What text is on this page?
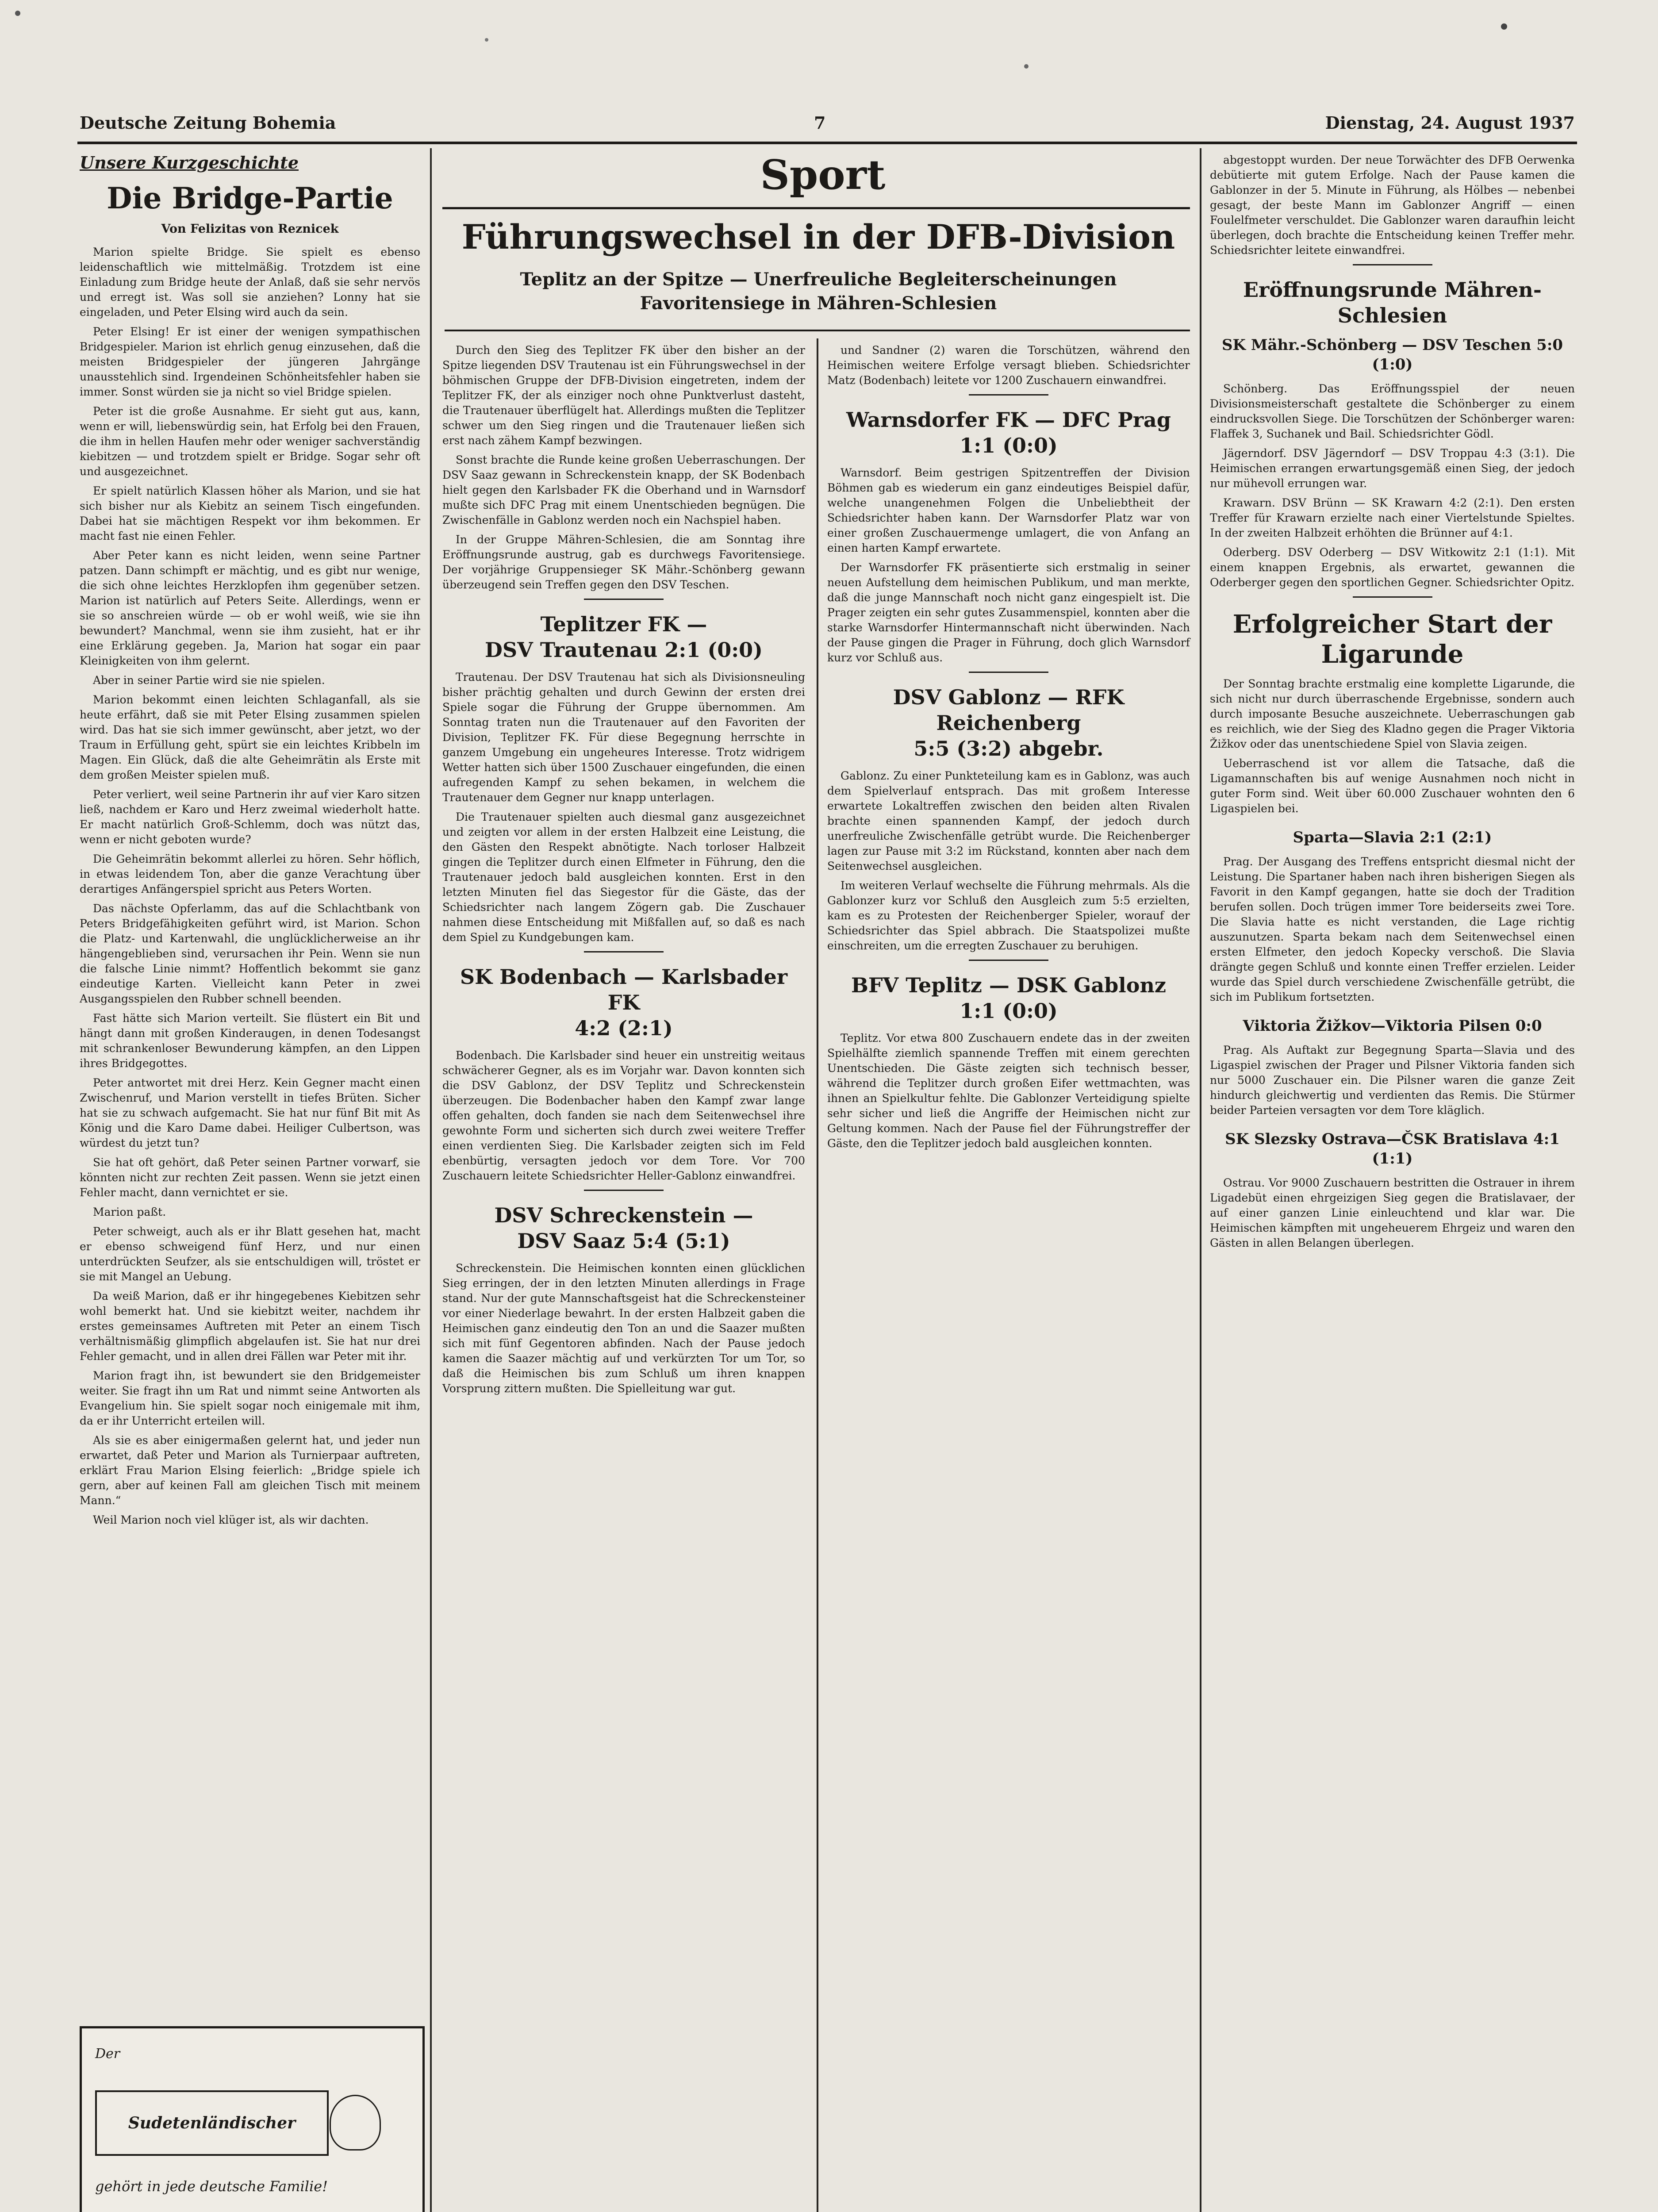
Deutsche Zeitung Bohemia	7	Dienstag, 24. August 1937
Unsere Kurzgeschichte
Die Bridge-Partie
Von Felizitas von Reznicek

Marion spielte Bridge. Sie spielt es ebenso leidenschaftlich wie mittelmäßig. Trotzdem ist eine Einladung zum Bridge heute der Anlaß, daß sie sehr nervös und erregt ist. Was soll sie anziehen? Lonny hat sie eingeladen, und Peter Elsing wird auch da sein.

Peter Elsing! Er ist einer der wenigen sympathischen Bridgespieler. Marion ist ehrlich genug einzusehen, daß die meisten Bridgespieler der jüngeren Jahrgänge unausstehlich sind. Irgendeinen Schönheitsfehler haben sie immer. Sonst würden sie ja nicht so viel Bridge spielen.

Peter ist die große Ausnahme. Er sieht gut aus, kann, wenn er will, liebenswürdig sein, hat Erfolg bei den Frauen, die ihm in hellen Haufen mehr oder weniger sachverständig kiebitzen — und trotzdem spielt er Bridge. Sogar sehr oft und ausgezeichnet.

Er spielt natürlich Klassen höher als Marion, und sie hat sich bisher nur als Kiebitz an seinem Tisch eingefunden. Dabei hat sie mächtigen Respekt vor ihm bekommen. Er macht fast nie einen Fehler.

Aber Peter kann es nicht leiden, wenn seine Partner patzen. Dann schimpft er mächtig, und es gibt nur wenige, die sich ohne leichtes Herzklopfen ihm gegenüber setzen. Marion ist natürlich auf Peters Seite. Allerdings, wenn er sie so anschreien würde — ob er wohl weiß, wie sie ihn bewundert? Manchmal, wenn sie ihm zusieht, hat er ihr eine Erklärung gegeben. Ja, Marion hat sogar ein paar Kleinigkeiten von ihm gelernt.

Aber in seiner Partie wird sie nie spielen.

Marion bekommt einen leichten Schlaganfall, als sie heute erfährt, daß sie mit Peter Elsing zusammen spielen wird. Das hat sie sich immer gewünscht, aber jetzt, wo der Traum in Erfüllung geht, spürt sie ein leichtes Kribbeln im Magen. Ein Glück, daß die alte Geheimrätin als Erste mit dem großen Meister spielen muß.

Peter verliert, weil seine Partnerin ihr auf vier Karo sitzen ließ, nachdem er Karo und Herz zweimal wiederholt hatte. Er macht natürlich Groß-Schlemm, doch was nützt das, wenn er nicht geboten wurde?

Die Geheimrätin bekommt allerlei zu hören. Sehr höflich, in etwas leidendem Ton, aber die ganze Verachtung über derartiges Anfängerspiel spricht aus Peters Worten.

Das nächste Opferlamm, das auf die Schlachtbank von Peters Bridgefähigkeiten geführt wird, ist Marion. Schon die Platz- und Kartenwahl, die unglücklicherweise an ihr hängengeblieben sind, verursachen ihr Pein. Wenn sie nun die falsche Linie nimmt? Hoffentlich bekommt sie ganz eindeutige Karten. Vielleicht kann Peter in zwei Ausgangsspielen den Rubber schnell beenden.

Fast hätte sich Marion verteilt. Sie flüstert ein Bit und hängt dann mit großen Kinderaugen, in denen Todesangst mit schrankenloser Bewunderung kämpfen, an den Lippen ihres Bridgegottes.

Peter antwortet mit drei Herz. Kein Gegner macht einen Zwischenruf, und Marion verstellt in tiefes Brüten. Sicher hat sie zu schwach aufgemacht. Sie hat nur fünf Bit mit As König und die Karo Dame dabei. Heiliger Culbertson, was würdest du jetzt tun?

Sie hat oft gehört, daß Peter seinen Partner vorwarf, sie könnten nicht zur rechten Zeit passen. Wenn sie jetzt einen Fehler macht, dann vernichtet er sie.

Marion paßt.

Peter schweigt, auch als er ihr Blatt gesehen hat, macht er ebenso schweigend fünf Herz, und nur einen unterdrückten Seufzer, als sie entschuldigen will, tröstet er sie mit Mangel an Uebung.

Da weiß Marion, daß er ihr hingegebenes Kiebitzen sehr wohl bemerkt hat. Und sie kiebitzt weiter, nachdem ihr erstes gemeinsames Auftreten mit Peter an einem Tisch verhältnismäßig glimpflich abgelaufen ist. Sie hat nur drei Fehler gemacht, und in allen drei Fällen war Peter mit ihr.

Marion fragt ihn, ist bewundert sie den Bridgemeister weiter. Sie fragt ihn um Rat und nimmt seine Antworten als Evangelium hin. Sie spielt sogar noch einigemale mit ihm, da er ihr Unterricht erteilen will.

Als sie es aber einigermaßen gelernt hat, und jeder nun erwartet, daß Peter und Marion als Turnierpaar auftreten, erklärt Frau Marion Elsing feierlich: „Bridge spiele ich gern, aber auf keinen Fall am gleichen Tisch mit meinem Mann.“

Weil Marion noch viel klüger ist, als wir dachten.

Der
Sudetenländischer
gehört in jede deutsche Familie!
Sport
Führungswechsel in der DFB-Division
Teplitz an der Spitze — Unerfreuliche Begleiterscheinungen
Favoritensiege in Mähren-Schlesien

Durch den Sieg des Teplitzer FK über den bisher an der Spitze liegenden DSV Trautenau ist ein Führungswechsel in der böhmischen Gruppe der DFB-Division eingetreten, indem der Teplitzer FK, der als einziger noch ohne Punktverlust dasteht, die Trautenauer überflügelt hat. Allerdings mußten die Teplitzer schwer um den Sieg ringen und die Trautenauer ließen sich erst nach zähem Kampf bezwingen.

Sonst brachte die Runde keine großen Ueberraschungen. Der DSV Saaz gewann in Schreckenstein knapp, der SK Bodenbach hielt gegen den Karlsbader FK die Oberhand und in Warnsdorf mußte sich DFC Prag mit einem Unentschieden begnügen. Die Zwischenfälle in Gablonz werden noch ein Nachspiel haben.

In der Gruppe Mähren-Schlesien, die am Sonntag ihre Eröffnungsrunde austrug, gab es durchwegs Favoritensiege. Der vorjährige Gruppensieger SK Mähr.-Schönberg gewann überzeugend sein Treffen gegen den DSV Teschen.

Teplitzer FK —
DSV Trautenau 2:1 (0:0)

Trautenau. Der DSV Trautenau hat sich als Divisionsneuling bisher prächtig gehalten und durch Gewinn der ersten drei Spiele sogar die Führung der Gruppe übernommen. Am Sonntag traten nun die Trautenauer auf den Favoriten der Division, Teplitzer FK. Für diese Begegnung herrschte in ganzem Umgebung ein ungeheures Interesse. Trotz widrigem Wetter hatten sich über 1500 Zuschauer eingefunden, die einen aufregenden Kampf zu sehen bekamen, in welchem die Trautenauer dem Gegner nur knapp unterlagen.

Die Trautenauer spielten auch diesmal ganz ausgezeichnet und zeigten vor allem in der ersten Halbzeit eine Leistung, die den Gästen den Respekt abnötigte. Nach torloser Halbzeit gingen die Teplitzer durch einen Elfmeter in Führung, den die Trautenauer jedoch bald ausgleichen konnten. Erst in den letzten Minuten fiel das Siegestor für die Gäste, das der Schiedsrichter nach langem Zögern gab. Die Zuschauer nahmen diese Entscheidung mit Mißfallen auf, so daß es nach dem Spiel zu Kundgebungen kam.

SK Bodenbach — Karlsbader FK
4:2 (2:1)

Bodenbach. Die Karlsbader sind heuer ein unstreitig weitaus schwächerer Gegner, als es im Vorjahr war. Davon konnten sich die DSV Gablonz, der DSV Teplitz und Schreckenstein überzeugen. Die Bodenbacher haben den Kampf zwar lange offen gehalten, doch fanden sie nach dem Seitenwechsel ihre gewohnte Form und sicherten sich durch zwei weitere Treffer einen verdienten Sieg. Die Karlsbader zeigten sich im Feld ebenbürtig, versagten jedoch vor dem Tore. Vor 700 Zuschauern leitete Schiedsrichter Heller-Gablonz einwandfrei.

DSV Schreckenstein —
DSV Saaz 5:4 (5:1)

Schreckenstein. Die Heimischen konnten einen glücklichen Sieg erringen, der in den letzten Minuten allerdings in Frage stand. Nur der gute Mannschaftsgeist hat die Schreckensteiner vor einer Niederlage bewahrt. In der ersten Halbzeit gaben die Heimischen ganz eindeutig den Ton an und die Saazer mußten sich mit fünf Gegentoren abfinden. Nach der Pause jedoch kamen die Saazer mächtig auf und verkürzten Tor um Tor, so daß die Heimischen bis zum Schluß um ihren knappen Vorsprung zittern mußten. Die Spielleitung war gut.

und Sandner (2) waren die Torschützen, während den Heimischen weitere Erfolge versagt blieben. Schiedsrichter Matz (Bodenbach) leitete vor 1200 Zuschauern einwandfrei.

Warnsdorfer FK — DFC Prag
1:1 (0:0)

Warnsdorf. Beim gestrigen Spitzentreffen der Division Böhmen gab es wiederum ein ganz eindeutiges Beispiel dafür, welche unangenehmen Folgen die Unbeliebtheit der Schiedsrichter haben kann. Der Warnsdorfer Platz war von einer großen Zuschauermenge umlagert, die von Anfang an einen harten Kampf erwartete.

Der Warnsdorfer FK präsentierte sich erstmalig in seiner neuen Aufstellung dem heimischen Publikum, und man merkte, daß die junge Mannschaft noch nicht ganz eingespielt ist. Die Prager zeigten ein sehr gutes Zusammenspiel, konnten aber die starke Warnsdorfer Hintermannschaft nicht überwinden. Nach der Pause gingen die Prager in Führung, doch glich Warnsdorf kurz vor Schluß aus.

DSV Gablonz — RFK Reichenberg
5:5 (3:2) abgebr.

Gablonz. Zu einer Punkteteilung kam es in Gablonz, was auch dem Spielverlauf entsprach. Das mit großem Interesse erwartete Lokaltreffen zwischen den beiden alten Rivalen brachte einen spannenden Kampf, der jedoch durch unerfreuliche Zwischenfälle getrübt wurde. Die Reichenberger lagen zur Pause mit 3:2 im Rückstand, konnten aber nach dem Seitenwechsel ausgleichen.

Im weiteren Verlauf wechselte die Führung mehrmals. Als die Gablonzer kurz vor Schluß den Ausgleich zum 5:5 erzielten, kam es zu Protesten der Reichenberger Spieler, worauf der Schiedsrichter das Spiel abbrach. Die Staatspolizei mußte einschreiten, um die erregten Zuschauer zu beruhigen.

BFV Teplitz — DSK Gablonz
1:1 (0:0)

Teplitz. Vor etwa 800 Zuschauern endete das in der zweiten Spielhälfte ziemlich spannende Treffen mit einem gerechten Unentschieden. Die Gäste zeigten sich technisch besser, während die Teplitzer durch großen Eifer wettmachten, was ihnen an Spielkultur fehlte. Die Gablonzer Verteidigung spielte sehr sicher und ließ die Angriffe der Heimischen nicht zur Geltung kommen. Nach der Pause fiel der Führungstreffer der Gäste, den die Teplitzer jedoch bald ausgleichen konnten.

abgestoppt wurden. Der neue Torwächter des DFB Oerwenka debütierte mit gutem Erfolge. Nach der Pause kamen die Gablonzer in der 5. Minute in Führung, als Hölbes — nebenbei gesagt, der beste Mann im Gablonzer Angriff — einen Foulelfmeter verschuldet. Die Gablonzer waren daraufhin leicht überlegen, doch brachte die Entscheidung keinen Treffer mehr. Schiedsrichter leitete einwandfrei.

Eröffnungsrunde Mähren-Schlesien
SK Mähr.-Schönberg — DSV Teschen 5:0 (1:0)

Schönberg. Das Eröffnungsspiel der neuen Divisionsmeisterschaft gestaltete die Schönberger zu einem eindrucksvollen Siege. Die Torschützen der Schönberger waren: Flaffek 3, Suchanek und Bail. Schiedsrichter Gödl.

Jägerndorf. DSV Jägerndorf — DSV Troppau 4:3 (3:1). Die Heimischen errangen erwartungsgemäß einen Sieg, der jedoch nur mühevoll errungen war.

Krawarn. DSV Brünn — SK Krawarn 4:2 (2:1). Den ersten Treffer für Krawarn erzielte nach einer Viertelstunde Spieltes. In der zweiten Halbzeit erhöhten die Brünner auf 4:1.

Oderberg. DSV Oderberg — DSV Witkowitz 2:1 (1:1). Mit einem knappen Ergebnis, als erwartet, gewannen die Oderberger gegen den sportlichen Gegner. Schiedsrichter Opitz.

Erfolgreicher Start der Ligarunde

Der Sonntag brachte erstmalig eine komplette Ligarunde, die sich nicht nur durch überraschende Ergebnisse, sondern auch durch imposante Besuche auszeichnete. Ueberraschungen gab es reichlich, wie der Sieg des Kladno gegen die Prager Viktoria Žižkov oder das unentschiedene Spiel von Slavia zeigen.

Ueberraschend ist vor allem die Tatsache, daß die Ligamannschaften bis auf wenige Ausnahmen noch nicht in guter Form sind. Weit über 60.000 Zuschauer wohnten den 6 Ligaspielen bei.

Sparta—Slavia 2:1 (2:1)

Prag. Der Ausgang des Treffens entspricht diesmal nicht der Leistung. Die Spartaner haben nach ihren bisherigen Siegen als Favorit in den Kampf gegangen, hatte sie doch der Tradition berufen sollen. Doch trügen immer Tore beiderseits zwei Tore. Die Slavia hatte es nicht verstanden, die Lage richtig auszunutzen. Sparta bekam nach dem Seitenwechsel einen ersten Elfmeter, den jedoch Kopecky verschoß. Die Slavia drängte gegen Schluß und konnte einen Treffer erzielen. Leider wurde das Spiel durch verschiedene Zwischenfälle getrübt, die sich im Publikum fortsetzten.

Viktoria Žižkov—Viktoria Pilsen 0:0

Prag. Als Auftakt zur Begegnung Sparta—Slavia und des Ligaspiel zwischen der Prager und Pilsner Viktoria fanden sich nur 5000 Zuschauer ein. Die Pilsner waren die ganze Zeit hindurch gleichwertig und verdienten das Remis. Die Stürmer beider Parteien versagten vor dem Tore kläglich.

SK Slezsky Ostrava—ČSK Bratislava 4:1 (1:1)

Ostrau. Vor 9000 Zuschauern bestritten die Ostrauer in ihrem Ligadebüt einen ehrgeizigen Sieg gegen die Bratislavaer, der auf einer ganzen Linie einleuchtend und klar war. Die Heimischen kämpften mit ungeheuerem Ehrgeiz und waren den Gästen in allen Belangen überlegen.
